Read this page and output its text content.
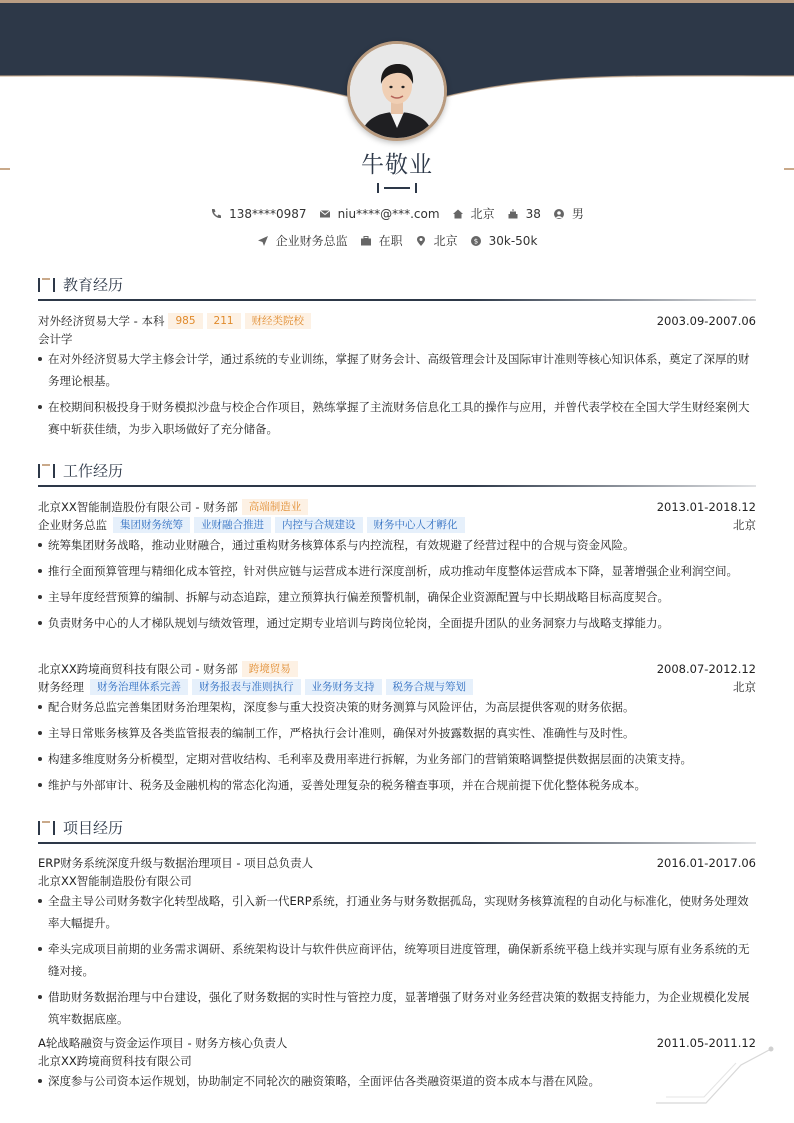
牛敬业
138****0987	niu****@***.com	北京	38	男
企业财务总监	在职	北京 $ 30k-50k
教育经历
对外经济贸易大学 - 本科	985	211	财经类院校	2003.09-2007.06
会计学
在对外经济贸易大学主修会计学，通过系统的专业训练，掌握了财务会计、高级管理会计及国际审计准则等核心知识体系，奠定了深厚的财务理论根基。
在校期间积极投身于财务模拟沙盘与校企合作项目，熟练掌握了主流财务信息化工具的操作与应用，并曾代表学校在全国大学生财经案例大赛中斩获佳绩，为步入职场做好了充分储备。
工作经历
北京XX智能制造股份有限公司 - 财务部	高端制造业	2013.01-2018.12
企业财务总监	集团财务统筹	业财融合推进	内控与合规建设	财务中心人才孵化	北京
统筹集团财务战略，推动业财融合，通过重构财务核算体系与内控流程，有效规避了经营过程中的合规与资金风险。
推行全面预算管理与精细化成本管控，针对供应链与运营成本进行深度剖析，成功推动年度整体运营成本下降，显著增强企业利润空间。
主导年度经营预算的编制、拆解与动态追踪，建立预算执行偏差预警机制，确保企业资源配置与中长期战略目标高度契合。
负责财务中心的人才梯队规划与绩效管理，通过定期专业培训与跨岗位轮岗，全面提升团队的业务洞察力与战略支撑能力。
北京XX跨境商贸科技有限公司 - 财务部	跨境贸易	2008.07-2012.12
财务经理	财务治理体系完善	财务报表与准则执行	业务财务支持	税务合规与筹划	北京
配合财务总监完善集团财务治理架构，深度参与重大投资决策的财务测算与风险评估，为高层提供客观的财务依据。
主导日常账务核算及各类监管报表的编制工作，严格执行会计准则，确保对外披露数据的真实性、准确性与及时性。
构建多维度财务分析模型，定期对营收结构、毛利率及费用率进行拆解，为业务部门的营销策略调整提供数据层面的决策支持。
维护与外部审计、税务及金融机构的常态化沟通，妥善处理复杂的税务稽查事项，并在合规前提下优化整体税务成本。
项目经历
ERP财务系统深度升级与数据治理项目 - 项目总负责人	2016.01-2017.06
北京XX智能制造股份有限公司
全盘主导公司财务数字化转型战略，引入新一代ERP系统，打通业务与财务数据孤岛，实现财务核算流程的自动化与标准化，使财务处理效率大幅提升。
牵头完成项目前期的业务需求调研、系统架构设计与软件供应商评估，统筹项目进度管理，确保新系统平稳上线并实现与原有业务系统的无缝对接。
借助财务数据治理与中台建设，强化了财务数据的实时性与管控力度，显著增强了财务对业务经营决策的数据支持能力，为企业规模化发展筑牢数据底座。
A轮战略融资与资金运作项目 - 财务方核心负责人	2011.05-2011.12
北京XX跨境商贸科技有限公司
深度参与公司资本运作规划，协助制定不同轮次的融资策略，全面评估各类融资渠道的资本成本与潜在风险。
